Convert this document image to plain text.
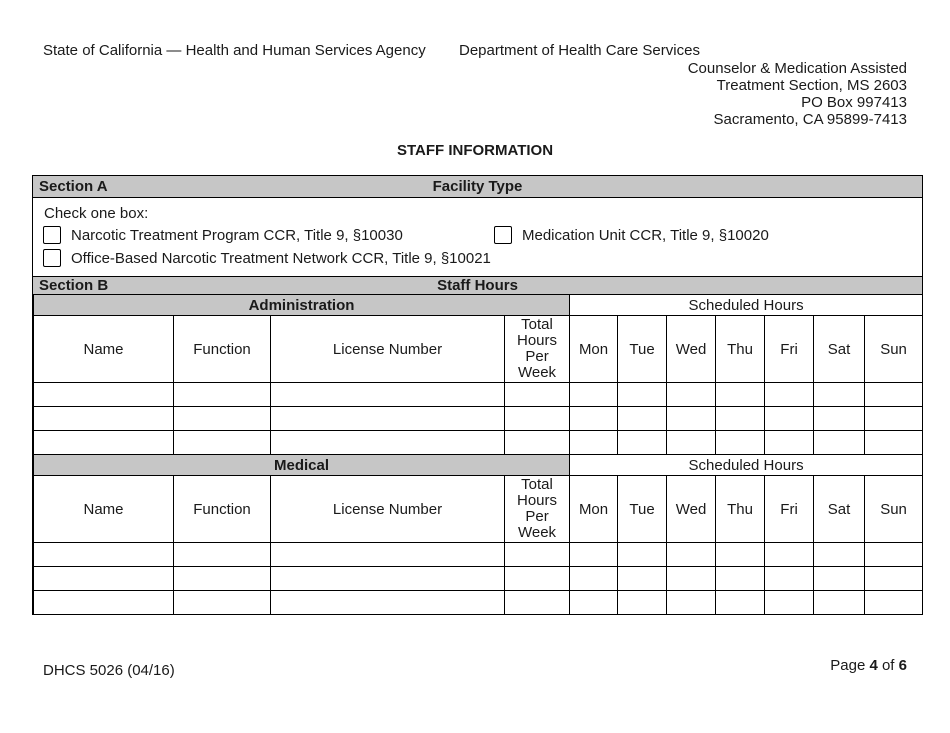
State of California — Health and Human Services Agency Department of Health Care Services
Counselor & Medication Assisted
Treatment Section, MS 2603
PO Box 997413
Sacramento, CA 95899-7413
STAFF INFORMATION
Section A	Facility Type
Check one box:
Narcotic Treatment Program CCR, Title 9, §10030	Medication Unit CCR, Title 9, §10020
Office-Based Narcotic Treatment Network CCR, Title 9, §10021
Section B	Staff Hours
Administration				Scheduled Hours						
Name	Function	License Number	Total
Hours
Per
Week	Mon	Tue	Wed	Thu	Fri	Sat	Sun

Medical				Scheduled Hours						
Name	Function	License Number	Total
Hours
Per
Week	Mon	Tue	Wed	Thu	Fri	Sat	Sun

DHCS 5026 (04/16)	Page 4 of 6
